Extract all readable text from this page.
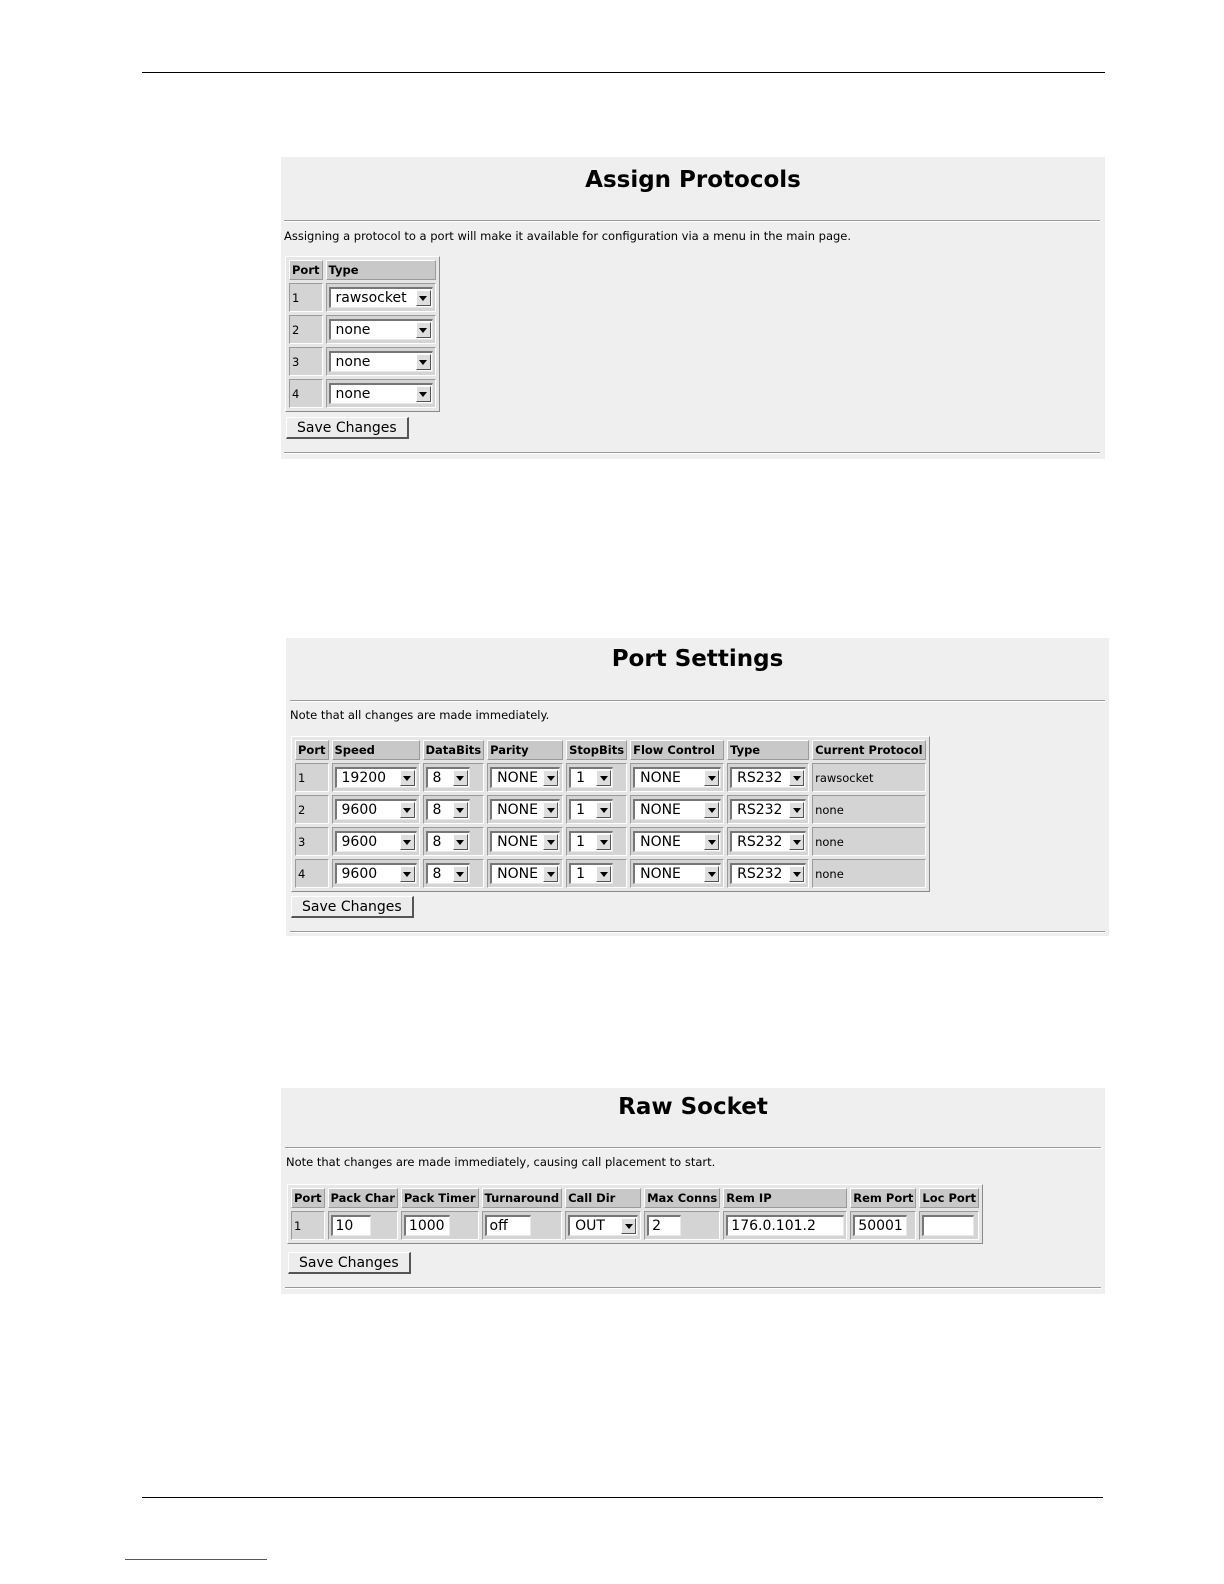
Assign Protocols
Assigning a protocol to a port will make it available for configuration via a menu in the main page.
Port	Type
1	rawsocket

2	none

3	none

4	none
Save Changes
Port Settings
Note that all changes are made immediately.
Port	Speed	DataBits	Parity	StopBits	Flow Control	Type	Current Protocol
1	19200	8	NONE	1	NONE	RS232	rawsocket
2	9600	8	NONE	1	NONE	RS232	none
3	9600	8	NONE	1	NONE	RS232	none
4	9600	8	NONE	1	NONE	RS232	none
Save Changes
Raw Socket
Note that changes are made immediately, causing call placement to start.
Port	Pack Char	Pack Timer	Turnaround	Call Dir	Max Conns	Rem IP	Rem Port	Loc Port
1	10	1000	off	OUT	2	176.0.101.2	50001	
Save Changes
